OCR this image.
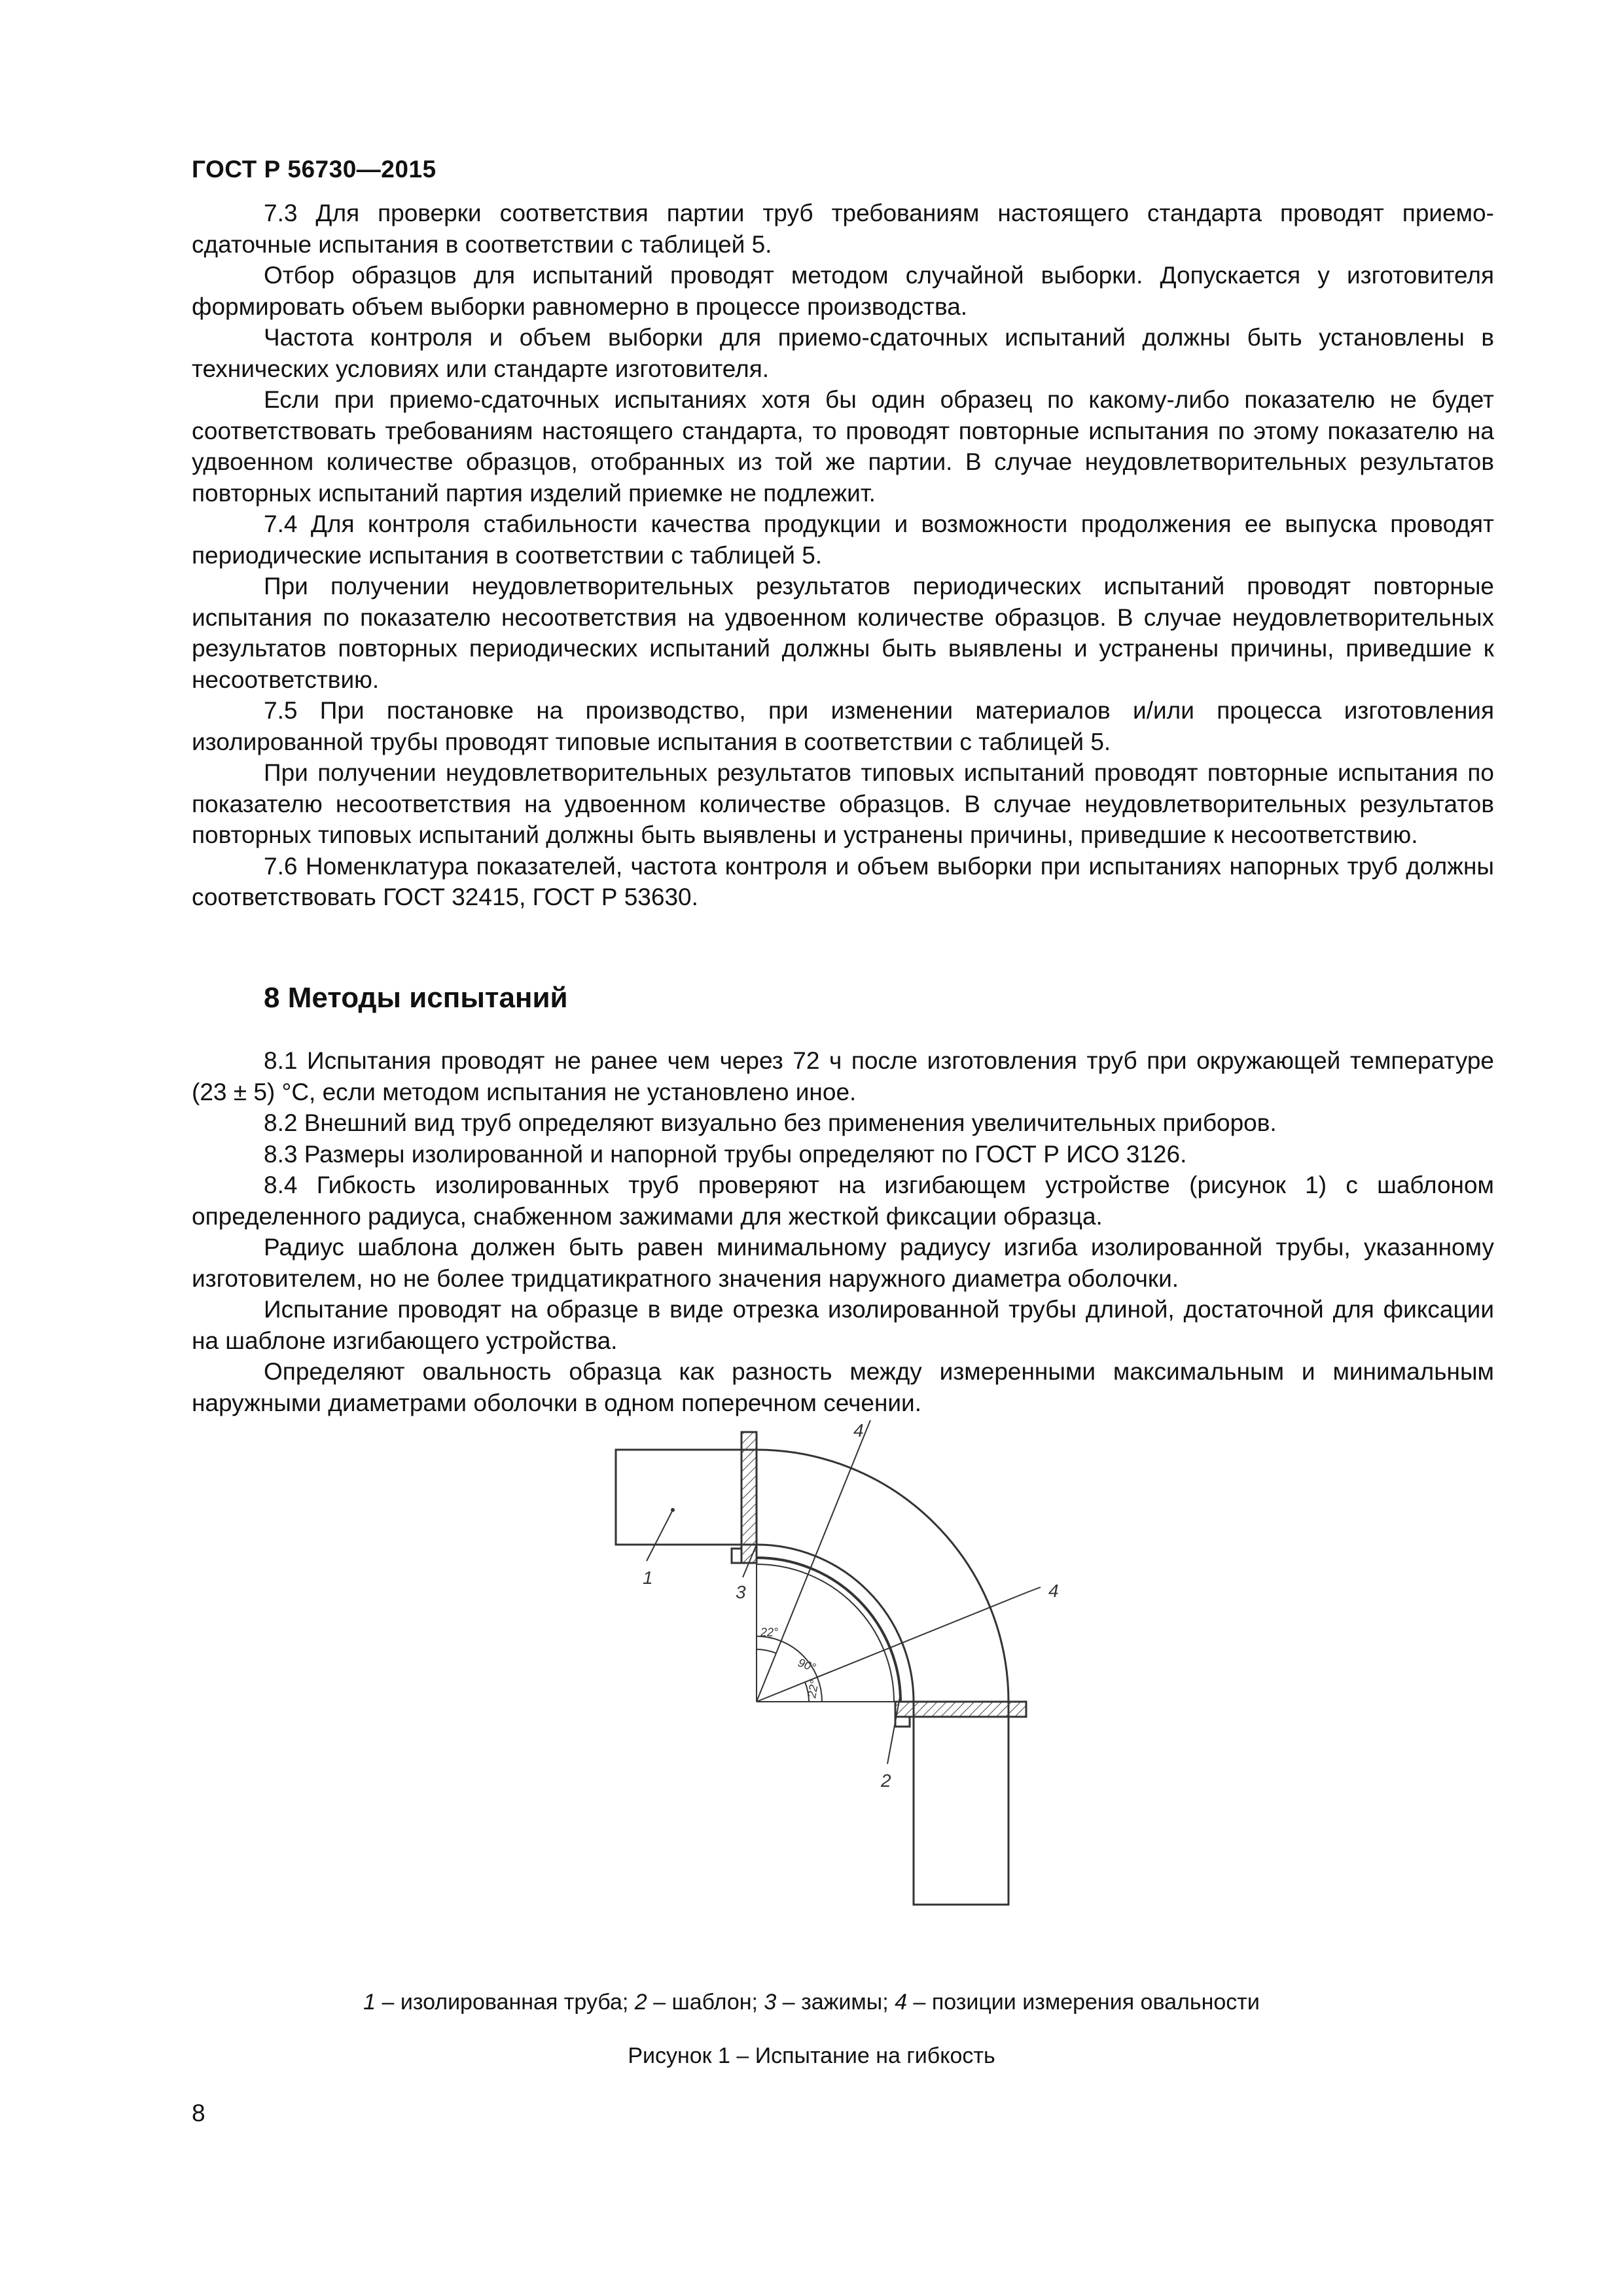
ГОСТ Р 56730—2015

7.3 Для проверки соответствия партии труб требованиям настоящего стандарта проводят приемо-сдаточные испытания в соответствии с таблицей 5.

Отбор образцов для испытаний проводят методом случайной выборки. Допускается у изготовителя формировать объем выборки равномерно в процессе производства.

Частота контроля и объем выборки для приемо-сдаточных испытаний должны быть установлены в технических условиях или стандарте изготовителя.

Если при приемо-сдаточных испытаниях хотя бы один образец по какому-либо показателю не будет соответствовать требованиям настоящего стандарта, то проводят повторные испытания по этому показателю на удвоенном количестве образцов, отобранных из той же партии. В случае неудовлетворительных результатов повторных испытаний партия изделий приемке не подлежит.

7.4 Для контроля стабильности качества продукции и возможности продолжения ее выпуска проводят периодические испытания в соответствии с таблицей 5.

При получении неудовлетворительных результатов периодических испытаний проводят повторные испытания по показателю несоответствия на удвоенном количестве образцов. В случае неудовлетворительных результатов повторных периодических испытаний должны быть выявлены и устранены причины, приведшие к несоответствию.

7.5 При постановке на производство, при изменении материалов и/или процесса изготовления изолированной трубы проводят типовые испытания в соответствии с таблицей 5.

При получении неудовлетворительных результатов типовых испытаний проводят повторные испытания по показателю несоответствия на удвоенном количестве образцов. В случае неудовлетворительных результатов повторных типовых испытаний должны быть выявлены и устранены причины, приведшие к несоответствию.

7.6 Номенклатура показателей, частота контроля и объем выборки при испытаниях напорных труб должны соответствовать ГОСТ 32415, ГОСТ Р 53630.

8 Методы испытаний

8.1 Испытания проводят не ранее чем через 72 ч после изготовления труб при окружающей температуре (23 ± 5) °С, если методом испытания не установлено иное.

8.2 Внешний вид труб определяют визуально без применения увеличительных приборов.

8.3 Размеры изолированной и напорной трубы определяют по ГОСТ Р ИСО 3126.

8.4 Гибкость изолированных труб проверяют на изгибающем устройстве (рисунок 1) с шаблоном определенного радиуса, снабженном зажимами для жесткой фиксации образца.

Радиус шаблона должен быть равен минимальному радиусу изгиба изолированной трубы, указанному изготовителем, но не более тридцатикратного значения наружного диаметра оболочки.

Испытание проводят на образце в виде отрезка изолированной трубы длиной, достаточной для фиксации на шаблоне изгибающего устройства.

Определяют овальность образца как разность между измеренными максимальным и минимальным наружными диаметрами оболочки в одном поперечном сечении.

1
3
2
4
4
22°
90°
22°
1 – изолированная труба; 2 – шаблон; 3 – зажимы; 4 – позиции измерения овальности
Рисунок 1 – Испытание на гибкость
8
